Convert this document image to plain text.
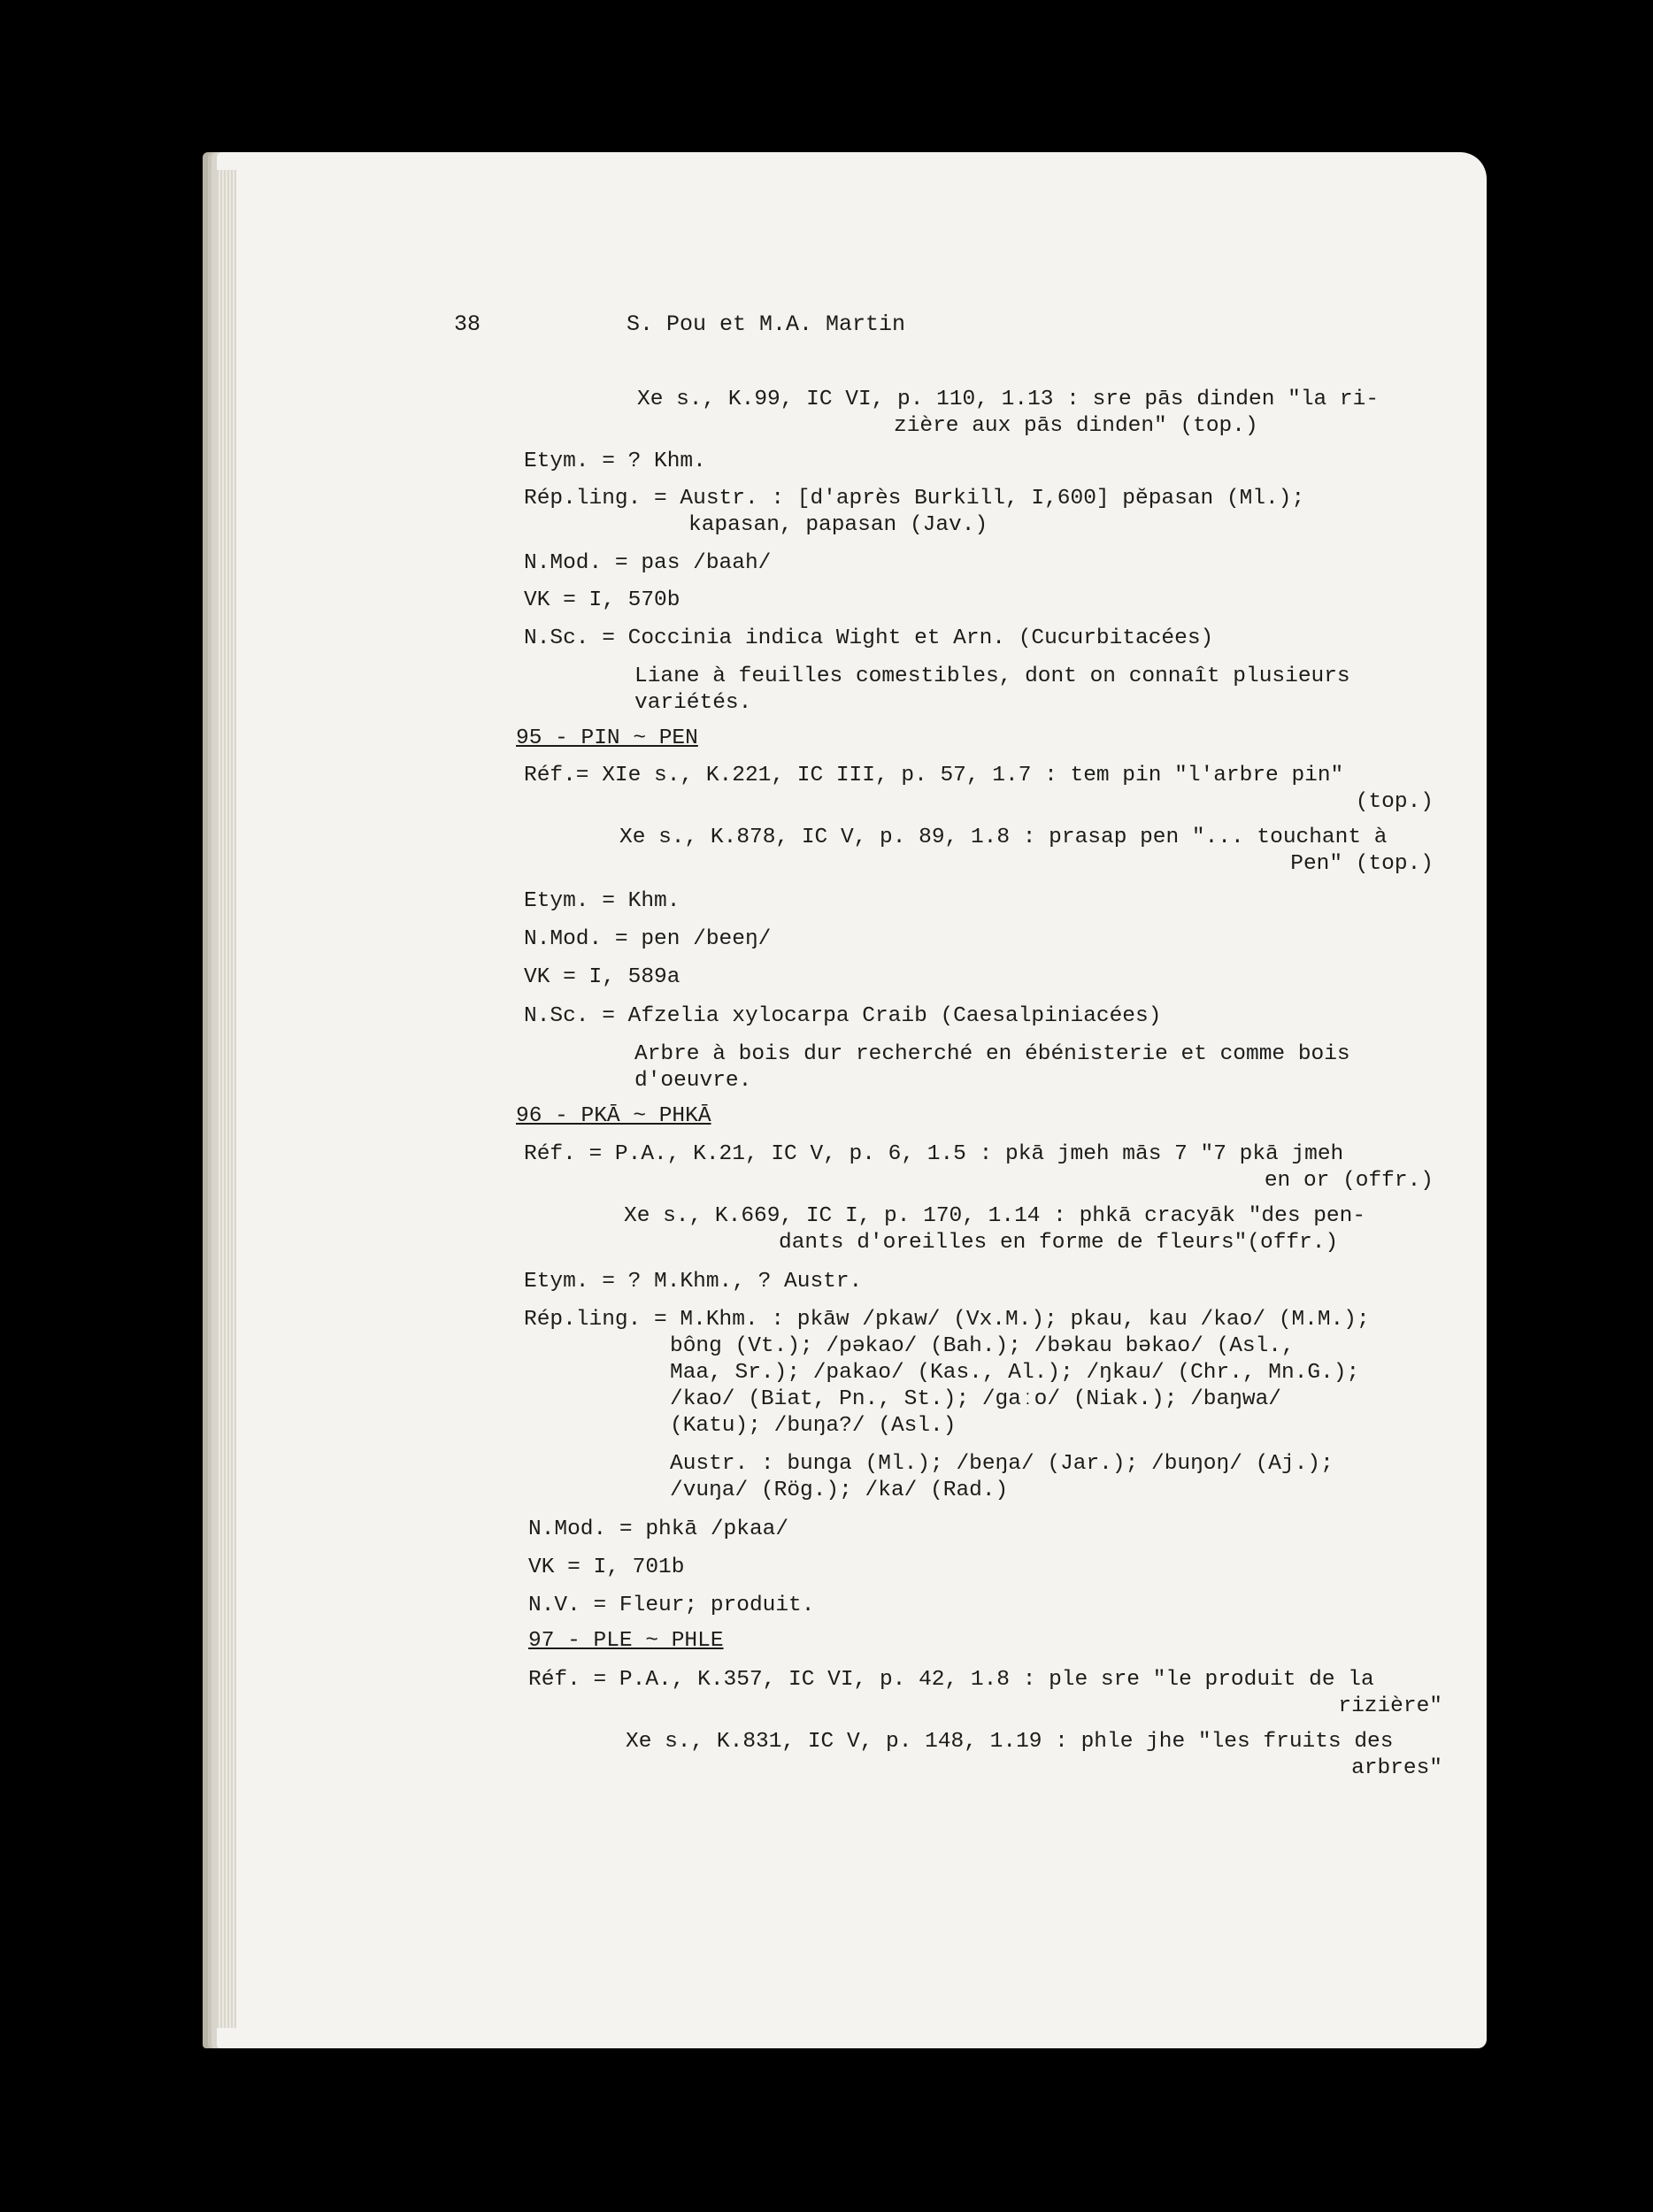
38	S. Pou et M.A. Martin
Xe s., K.99, IC VI, p. 110, 1.13 : sre pās dinden "la ri-
zière aux pās dinden" (top.)
Etym. = ? Khm.
Rép.ling. = Austr. : [d'après Burkill, I,600] pĕpasan (Ml.);
kapasan, papasan (Jav.)
N.Mod. = pas /baah/
VK = I, 570b
N.Sc. = Coccinia indica Wight et Arn. (Cucurbitacées)
Liane à feuilles comestibles, dont on connaît plusieurs
variétés.
95 - PIN ~ PEN
Réf.= XIe s., K.221, IC III, p. 57, 1.7 : tem pin "l'arbre pin"
(top.)
Xe s., K.878, IC V, p. 89, 1.8 : prasap pen "... touchant à
Pen" (top.)
Etym. = Khm.
N.Mod. = pen /beeŋ/
VK = I, 589a
N.Sc. = Afzelia xylocarpa Craib (Caesalpiniacées)
Arbre à bois dur recherché en ébénisterie et comme bois
d'oeuvre.
96 - PKĀ ~ PHKĀ
Réf. = P.A., K.21, IC V, p. 6, 1.5 : pkā jmeh mās 7 "7 pkā jmeh
en or (offr.)
Xe s., K.669, IC I, p. 170, 1.14 : phkā cracyāk "des pen-
dants d'oreilles en forme de fleurs"(offr.)
Etym. = ? M.Khm., ? Austr.
Rép.ling. = M.Khm. : pkāw /pkaw/ (Vx.M.); pkau, kau /kao/ (M.M.);
bông (Vt.); /pəkao/ (Bah.); /bəkau bəkao/ (Asl.,
Maa, Sr.); /pakao/ (Kas., Al.); /ŋkau/ (Chr., Mn.G.);
/kao/ (Biat, Pn., St.); /gaːo/ (Niak.); /baŋwa/
(Katu); /buŋa?/ (Asl.)
Austr. : bunga (Ml.); /beŋa/ (Jar.); /buŋoŋ/ (Aj.);
/vuŋa/ (Rög.); /ka/ (Rad.)
N.Mod. = phkā /pkaa/
VK = I, 701b
N.V. = Fleur; produit.
97 - PLE ~ PHLE
Réf. = P.A., K.357, IC VI, p. 42, 1.8 : ple sre "le produit de la
rizière"
Xe s., K.831, IC V, p. 148, 1.19 : phle jhe "les fruits des
arbres"
